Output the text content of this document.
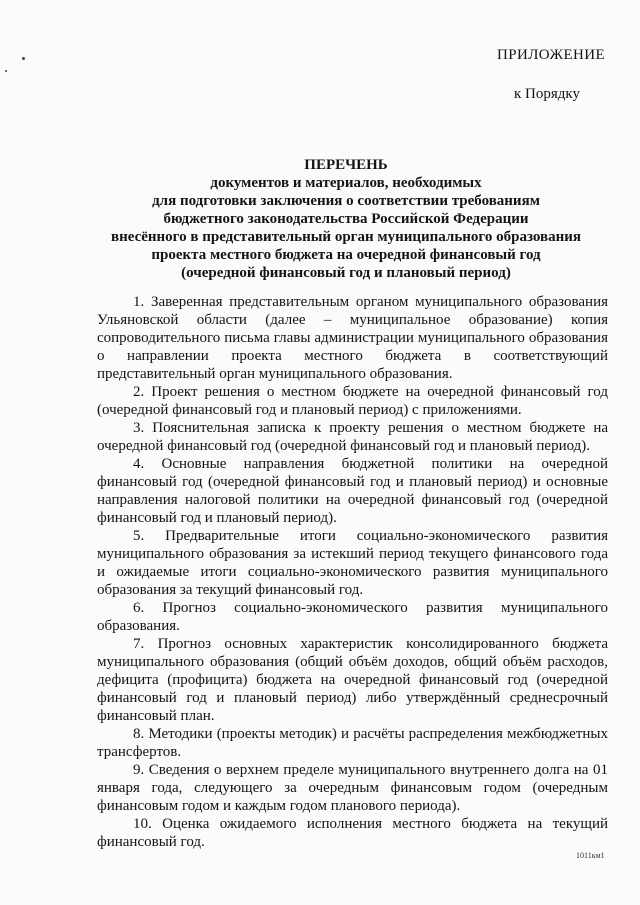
ПРИЛОЖЕНИЕ
к Порядку
ПЕРЕЧЕНЬ
документов и материалов, необходимых
для подготовки заключения о соответствии требованиям
бюджетного законодательства Российской Федерации
внесённого в представительный орган муниципального образования
проекта местного бюджета на очередной финансовый год
(очередной финансовый год и плановый период)

1. Заверенная представительным органом муниципального образования Ульяновской области (далее – муниципальное образование) копия сопроводительного письма главы администрации муниципального образования о направлении проекта местного бюджета в соответствующий представительный орган муниципального образования.

2. Проект решения о местном бюджете на очередной финансовый год (очередной финансовый год и плановый период) с приложениями.

3. Пояснительная записка к проекту решения о местном бюджете на очередной финансовый год (очередной финансовый год и плановый период).

4. Основные направления бюджетной политики на очередной финансовый год (очередной финансовый год и плановый период) и основные направления налоговой политики на очередной финансовый год (очередной финансовый год и плановый период).

5. Предварительные итоги социально-экономического развития муниципального образования за истекший период текущего финансового года и ожидаемые итоги социально-экономического развития муниципального образования за текущий финансовый год.

6. Прогноз социально-экономического развития муниципального образования.

7. Прогноз основных характеристик консолидированного бюджета муниципального образования (общий объём доходов, общий объём расходов, дефицита (профицита) бюджета на очередной финансовый год (очередной финансовый год и плановый период) либо утверждённый среднесрочный финансовый план.

8. Методики (проекты методик) и расчёты распределения межбюджетных трансфертов.

9. Сведения о верхнем пределе муниципального внутреннего долга на 01 января года, следующего за очередным финансовым годом (очередным финансовым годом и каждым годом планового периода).

10. Оценка ожидаемого исполнения местного бюджета на текущий финансовый год.

1011км1
